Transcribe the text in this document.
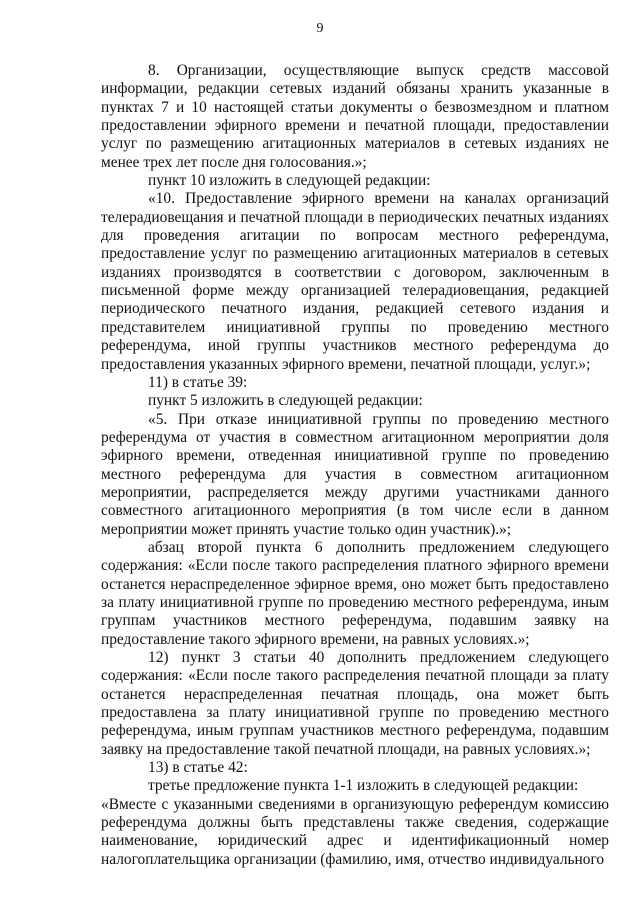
9

8. Организации, осуществляющие выпуск средств массовой информации, редакции сетевых изданий обязаны хранить указанные в пунктах 7 и 10 настоящей статьи документы о безвозмездном и платном предоставлении эфирного времени и печатной площади, предоставлении услуг по размещению агитационных материалов в сетевых изданиях не менее трех лет после дня голосования.»;

пункт 10 изложить в следующей редакции:

«10. Предоставление эфирного времени на каналах организаций телерадиовещания и печатной площади в периодических печатных изданиях для проведения агитации по вопросам местного референдума, предоставление услуг по размещению агитационных материалов в сетевых изданиях производятся в соответствии с договором, заключенным в письменной форме между организацией телерадиовещания, редакцией периодического печатного издания, редакцией сетевого издания и представителем инициативной группы по проведению местного референдума, иной группы участников местного референдума до предоставления указанных эфирного времени, печатной площади, услуг.»;

11) в статье 39:

пункт 5 изложить в следующей редакции:

«5. При отказе инициативной группы по проведению местного референдума от участия в совместном агитационном мероприятии доля эфирного времени, отведенная инициативной группе по проведению местного референдума для участия в совместном агитационном мероприятии, распределяется между другими участниками данного совместного агитационного мероприятия (в том числе если в данном мероприятии может принять участие только один участник).»;

абзац второй пункта 6 дополнить предложением следующего содержания: «Если после такого распределения платного эфирного времени останется нераспределенное эфирное время, оно может быть предоставлено за плату инициативной группе по проведению местного референдума, иным группам участников местного референдума, подавшим заявку на предоставление такого эфирного времени, на равных условиях.»;

12) пункт 3 статьи 40 дополнить предложением следующего содержания: «Если после такого распределения печатной площади за плату останется нераспределенная печатная площадь, она может быть предоставлена за плату инициативной группе по проведению местного референдума, иным группам участников местного референдума, подавшим заявку на предоставление такой печатной площади, на равных условиях.»;

13) в статье 42:

третье предложение пункта 1-1 изложить в следующей редакции:

«Вместе с указанными сведениями в организующую референдум комиссию референдума должны быть представлены также сведения, содержащие наименование, юридический адрес и идентификационный номер налогоплательщика организации (фамилию, имя, отчество индивидуального
